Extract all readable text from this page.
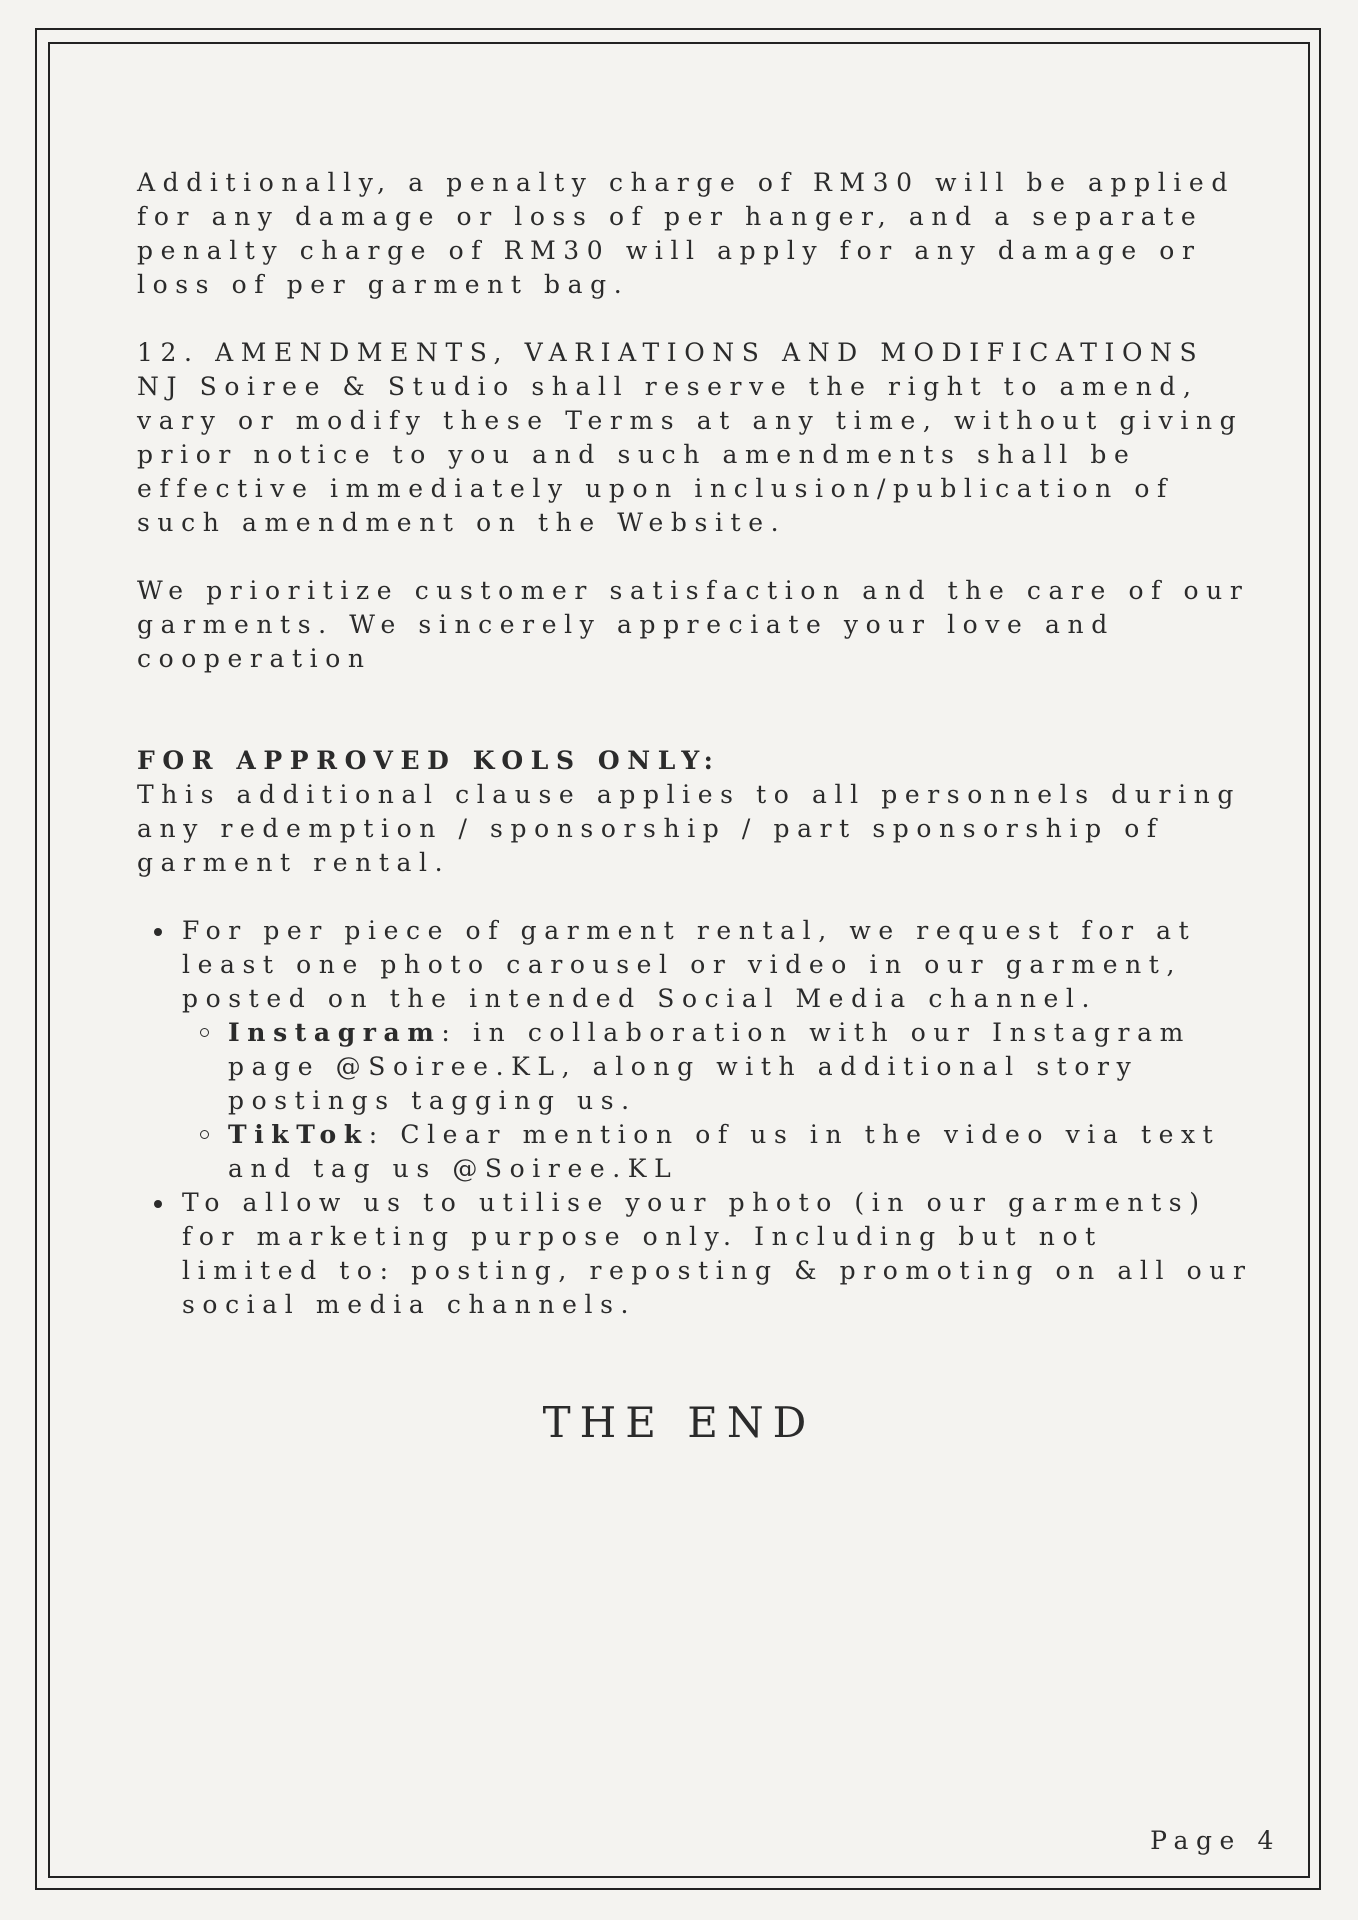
Additionally, a penalty charge of RM30 will be applied for any damage or loss of per hanger, and a separate penalty charge of RM30 will apply for any damage or loss of per garment bag.

12. AMENDMENTS, VARIATIONS AND MODIFICATIONS

NJ Soiree & Studio shall reserve the right to amend, vary or modify these Terms at any time, without giving prior notice to you and such amendments shall be effective immediately upon inclusion/publication of such amendment on the Website.

We prioritize customer satisfaction and the care of our garments. We sincerely appreciate your love and cooperation

FOR APPROVED KOLS ONLY:

This additional clause applies to all personnels during any redemption / sponsorship / part sponsorship of garment rental.

For per piece of garment rental, we request for at least one photo carousel or video in our garment, posted on the intended Social Media channel.
Instagram: in collaboration with our Instagram page @Soiree.KL, along with additional story postings tagging us.
TikTok: Clear mention of us in the video via text and tag us @Soiree.KL
To allow us to utilise your photo (in our garments) for marketing purpose only. Including but not limited to: posting, reposting & promoting on all our social media channels.
THE END
Page 4
